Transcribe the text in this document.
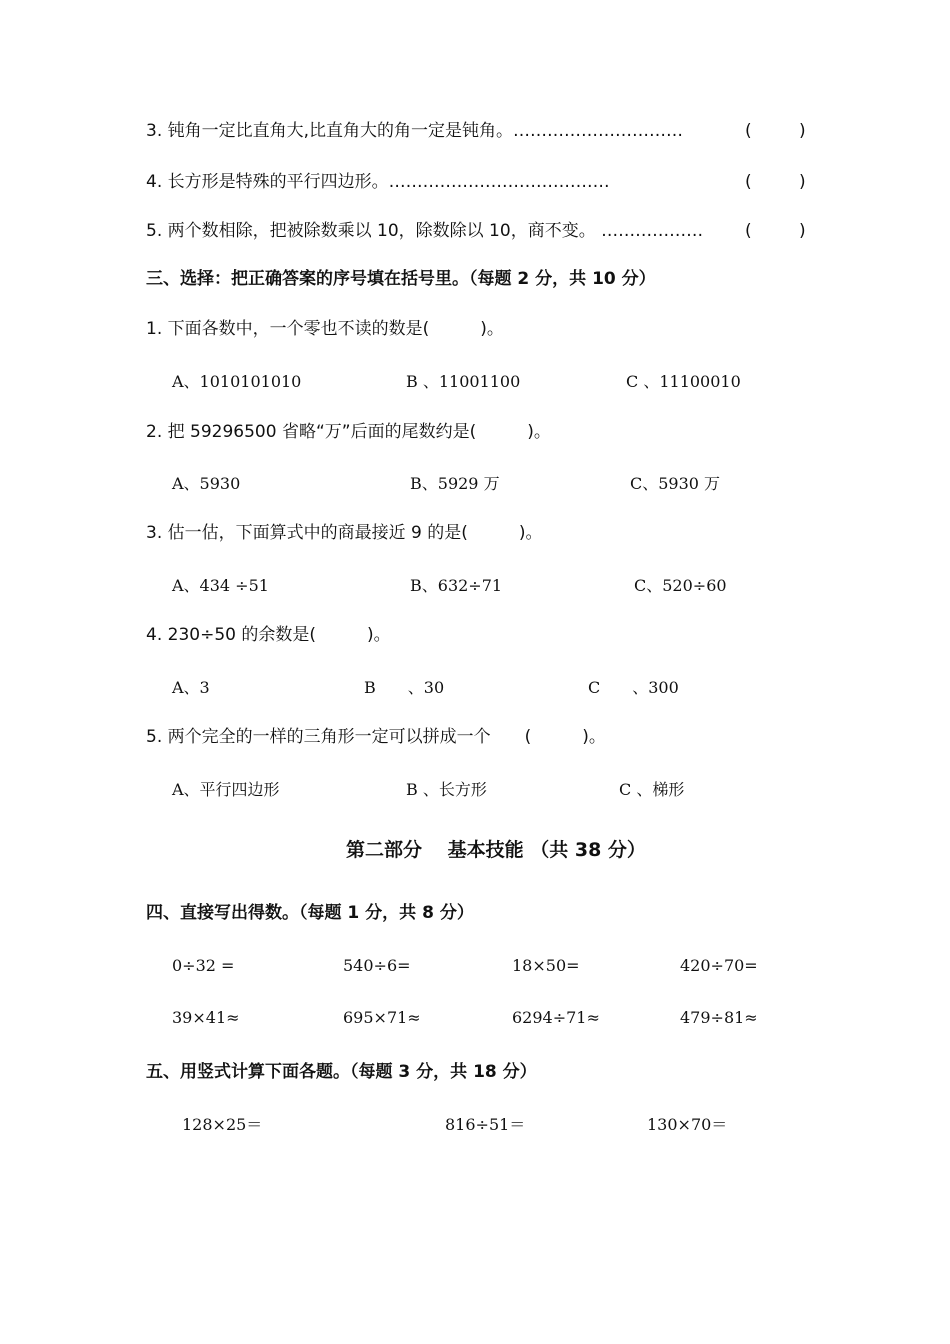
3. 钝角一定比直角大,比直角大的角一定是钝角。…………………………	(	)
4. 长方形是特殊的平行四边形。…………………………………	(	)
5. 两个数相除，把被除数乘以 10，除数除以 10，商不变。 ……………… (	)
三、选择：把正确答案的序号填在括号里。（每题 2 分，共 10 分）
1. 下面各数中，一个零也不读的数是(　　　)。
A、1010101010	B 、11001100	C 、11100010
2. 把 59296500 省略“万”后面的尾数约是(　　　)。
A、5930	B、5929 万	C、5930 万
3. 估一估，下面算式中的商最接近 9 的是(　　　)。
A、434 ÷51	B、632÷71	C、520÷60
4. 230÷50 的余数是(　　　)。
A、3	B　　、30	C　　、300
5. 两个完全的一样的三角形一定可以拼成一个　　(　　　)。
A、平行四边形	B 、长方形	C 、梯形
第二部分　 基本技能 （共 38 分）
四、直接写出得数。（每题 1 分，共 8 分）
0÷32 =	540÷6=	18×50=	420÷70=
39×41≈	695×71≈	6294÷71≈	479÷81≈
五、用竖式计算下面各题。（每题 3 分，共 18 分）
128×25＝	816÷51＝	130×70＝
